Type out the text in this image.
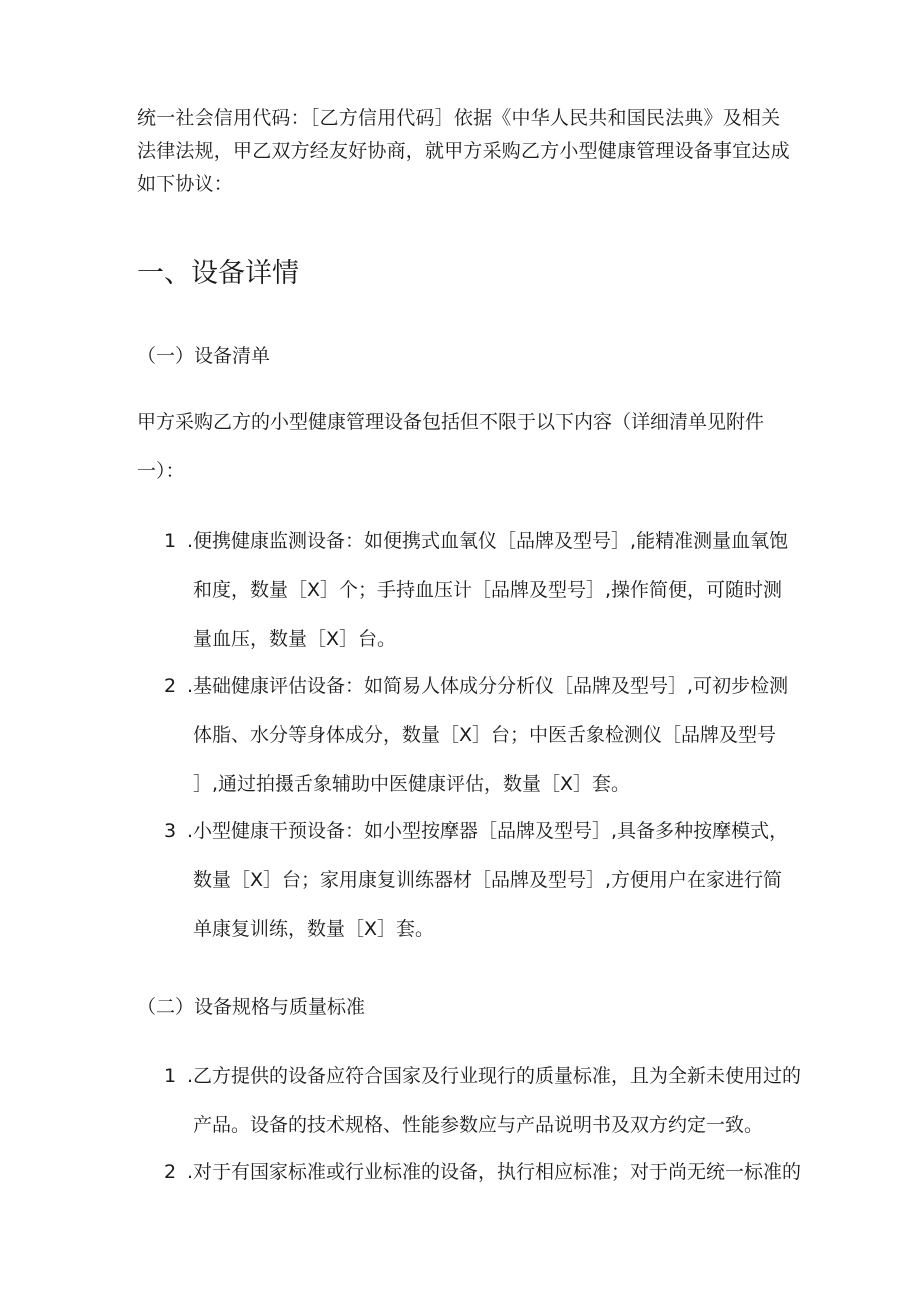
统一社会信用代码：［乙方信用代码］依据《中华人民共和国民法典》及相关
法律法规，甲乙双方经友好协商，就甲方采购乙方小型健康管理设备事宜达成
如下协议：
一、设备详情
（一）设备清单
甲方采购乙方的小型健康管理设备包括但不限于以下内容（详细清单见附件
一）：
1 .便携健康监测设备：如便携式血氧仪［品牌及型号］,能精准测量血氧饱
和度，数量［X］个；手持血压计［品牌及型号］,操作简便，可随时测
量血压，数量［X］台。
2 .基础健康评估设备：如简易人体成分分析仪［品牌及型号］,可初步检测
体脂、水分等身体成分，数量［X］台；中医舌象检测仪［品牌及型号
］,通过拍摄舌象辅助中医健康评估，数量［X］套。
3 .小型健康干预设备：如小型按摩器［品牌及型号］,具备多种按摩模式，
数量［X］台；家用康复训练器材［品牌及型号］,方便用户在家进行简
单康复训练，数量［X］套。
（二）设备规格与质量标准
1 .乙方提供的设备应符合国家及行业现行的质量标准，且为全新未使用过的
产品。设备的技术规格、性能参数应与产品说明书及双方约定一致。
2 .对于有国家标准或行业标准的设备，执行相应标准；对于尚无统一标准的
